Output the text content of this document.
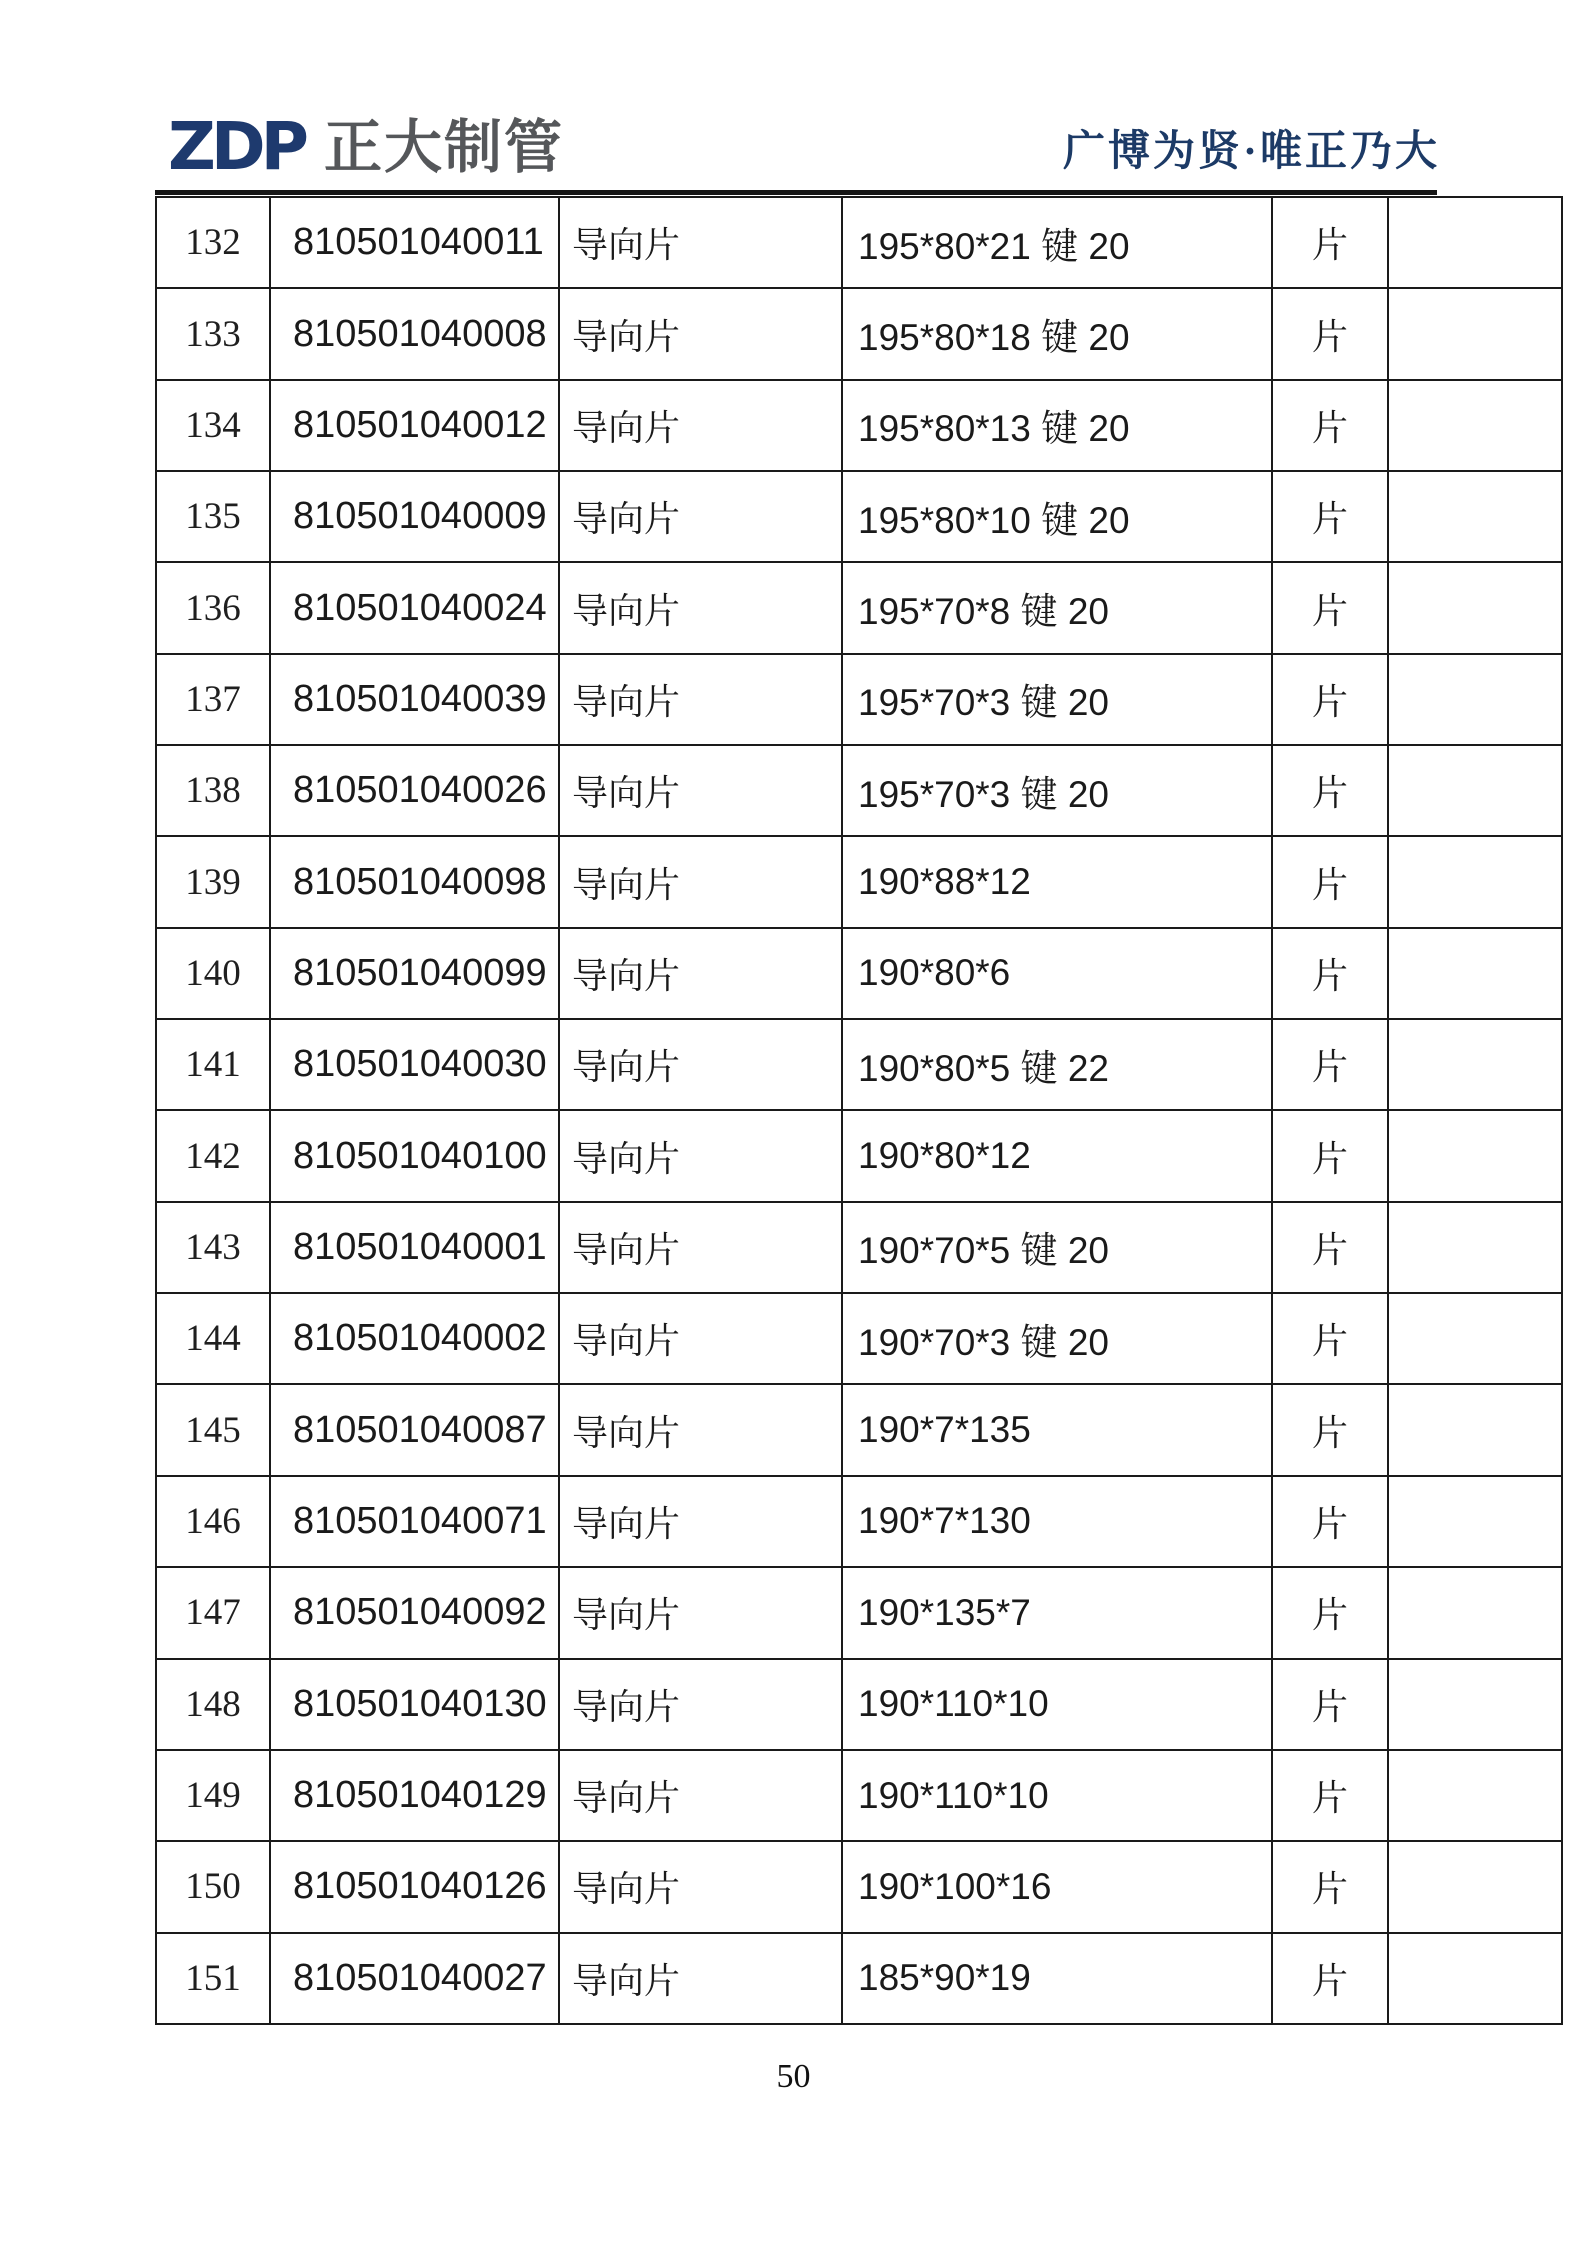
ZDP 正大制管	广博为贤·唯正乃大
132	810501040011	导向片	195*80*21 键 20	片	
133	810501040008	导向片	195*80*18 键 20	片	
134	810501040012	导向片	195*80*13 键 20	片	
135	810501040009	导向片	195*80*10 键 20	片	
136	810501040024	导向片	195*70*8 键 20	片	
137	810501040039	导向片	195*70*3 键 20	片	
138	810501040026	导向片	195*70*3 键 20	片	
139	810501040098	导向片	190*88*12	片	
140	810501040099	导向片	190*80*6	片	
141	810501040030	导向片	190*80*5 键 22	片	
142	810501040100	导向片	190*80*12	片	
143	810501040001	导向片	190*70*5 键 20	片	
144	810501040002	导向片	190*70*3 键 20	片	
145	810501040087	导向片	190*7*135	片	
146	810501040071	导向片	190*7*130	片	
147	810501040092	导向片	190*135*7	片	
148	810501040130	导向片	190*110*10	片	
149	810501040129	导向片	190*110*10	片	
150	810501040126	导向片	190*100*16	片	
151	810501040027	导向片	185*90*19	片	
50
